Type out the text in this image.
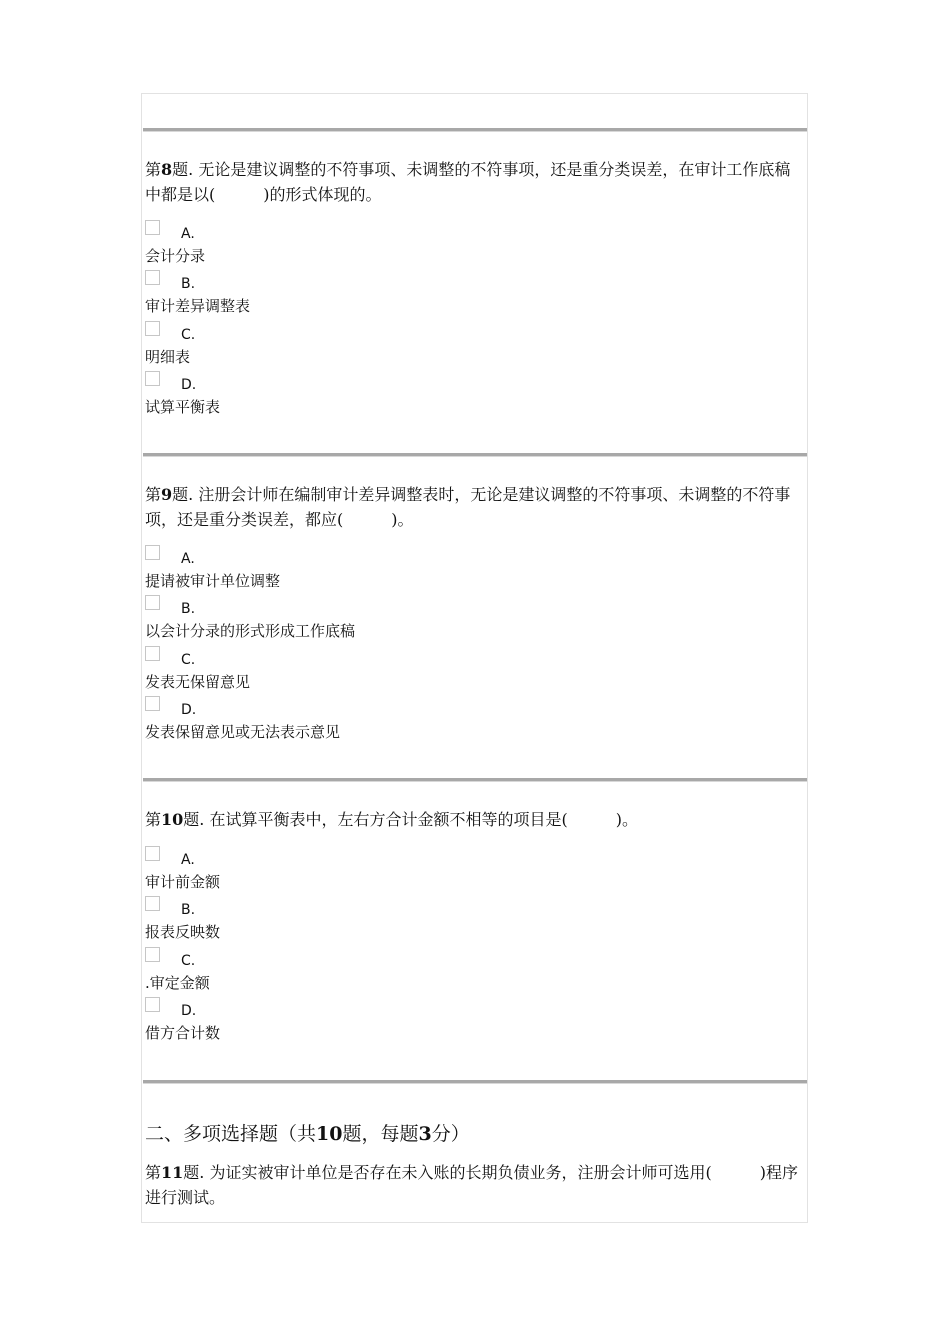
第8题. 无论是建议调整的不符事项、未调整的不符事项，还是重分类误差，在审计工作底稿中都是以(　　　)的形式体现的。
A.
会计分录
B.
审计差异调整表
C.
明细表
D.
试算平衡表
第9题. 注册会计师在编制审计差异调整表时，无论是建议调整的不符事项、未调整的不符事项，还是重分类误差，都应(　　　)。
A.
提请被审计单位调整
B.
以会计分录的形式形成工作底稿
C.
发表无保留意见
D.
发表保留意见或无法表示意见
第10题. 在试算平衡表中，左右方合计金额不相等的项目是(　　　)。
A.
审计前金额
B.
报表反映数
C.
.审定金额
D.
借方合计数
二、多项选择题（共10题，每题3分）
第11题. 为证实被审计单位是否存在未入账的长期负债业务，注册会计师可选用(　　　)程序进行测试。
